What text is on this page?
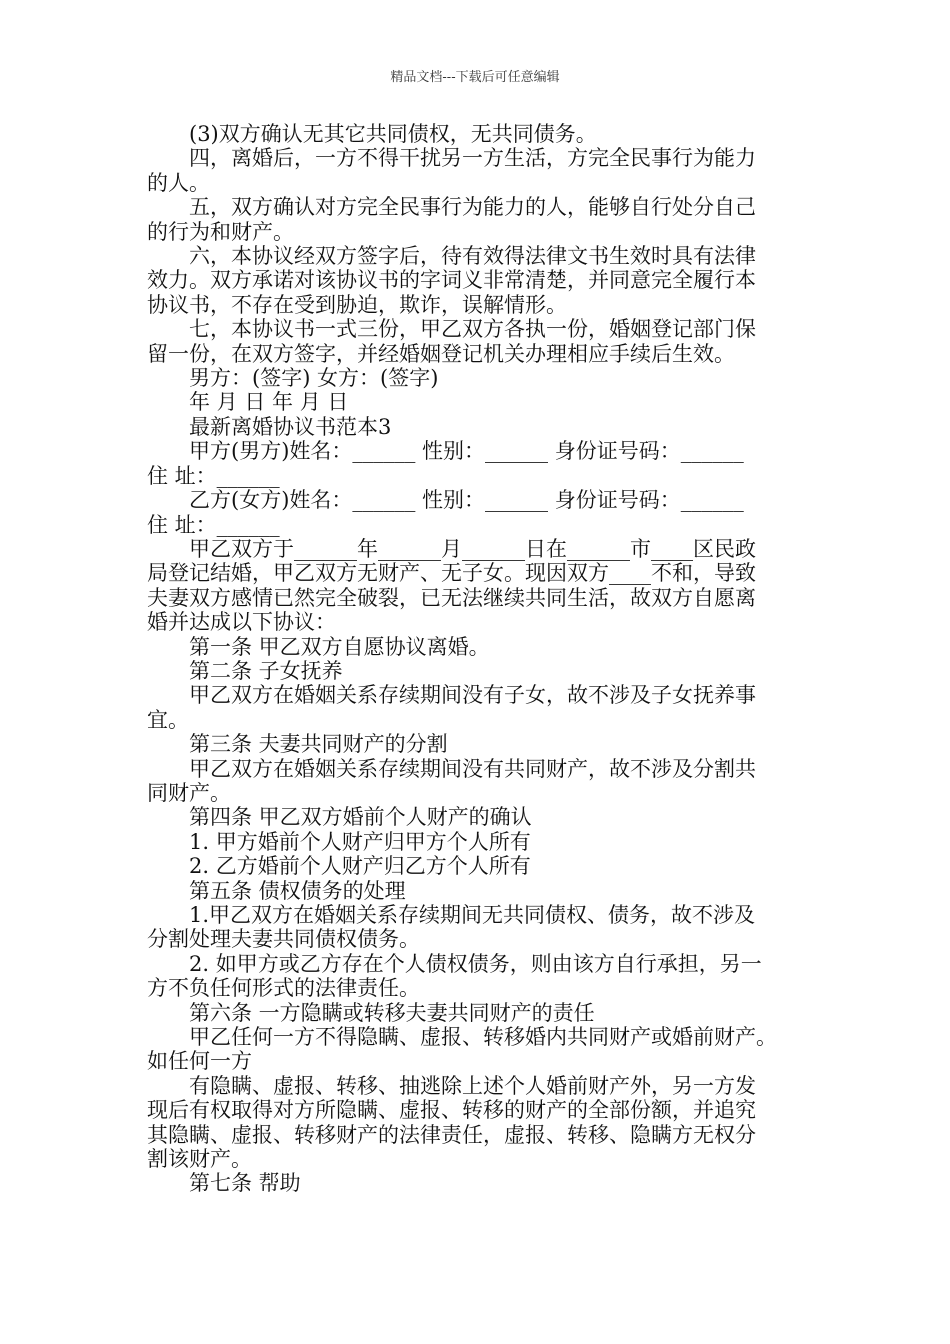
精品文档---下载后可任意编辑
(3)双方确认无其它共同债权，无共同债务。
四，离婚后，一方不得干扰另一方生活，方完全民事行为能力
的人。
五，双方确认对方完全民事行为能力的人，能够自行处分自己
的行为和财产。
六，本协议经双方签字后，待有效得法律文书生效时具有法律
效力。双方承诺对该协议书的字词义非常清楚，并同意完全履行本
协议书，不存在受到胁迫，欺诈，误解情形。
七，本协议书一式三份，甲乙双方各执一份，婚姻登记部门保
留一份，在双方签字，并经婚姻登记机关办理相应手续后生效。
男方：(签字) 女方：(签字)
年 月 日 年 月 日
最新离婚协议书范本3
甲方(男方)姓名：______ 性别：______ 身份证号码：______
住 址：______
乙方(女方)姓名：______ 性别：______ 身份证号码：______
住 址：______
甲乙双方于______年______月______日在______市____区民政
局登记结婚，甲乙双方无财产、无子女。现因双方____不和，导致
夫妻双方感情已然完全破裂，已无法继续共同生活，故双方自愿离
婚并达成以下协议：
第一条 甲乙双方自愿协议离婚。
第二条 子女抚养
甲乙双方在婚姻关系存续期间没有子女，故不涉及子女抚养事
宜。
第三条 夫妻共同财产的分割
甲乙双方在婚姻关系存续期间没有共同财产，故不涉及分割共
同财产。
第四条 甲乙双方婚前个人财产的确认
1. 甲方婚前个人财产归甲方个人所有
2. 乙方婚前个人财产归乙方个人所有
第五条 债权债务的处理
1.甲乙双方在婚姻关系存续期间无共同债权、债务，故不涉及
分割处理夫妻共同债权债务。
2. 如甲方或乙方存在个人债权债务，则由该方自行承担，另一
方不负任何形式的法律责任。
第六条 一方隐瞒或转移夫妻共同财产的责任
甲乙任何一方不得隐瞒、虚报、转移婚内共同财产或婚前财产。
如任何一方
有隐瞒、虚报、转移、抽逃除上述个人婚前财产外，另一方发
现后有权取得对方所隐瞒、虚报、转移的财产的全部份额，并追究
其隐瞒、虚报、转移财产的法律责任，虚报、转移、隐瞒方无权分
割该财产。
第七条 帮助
